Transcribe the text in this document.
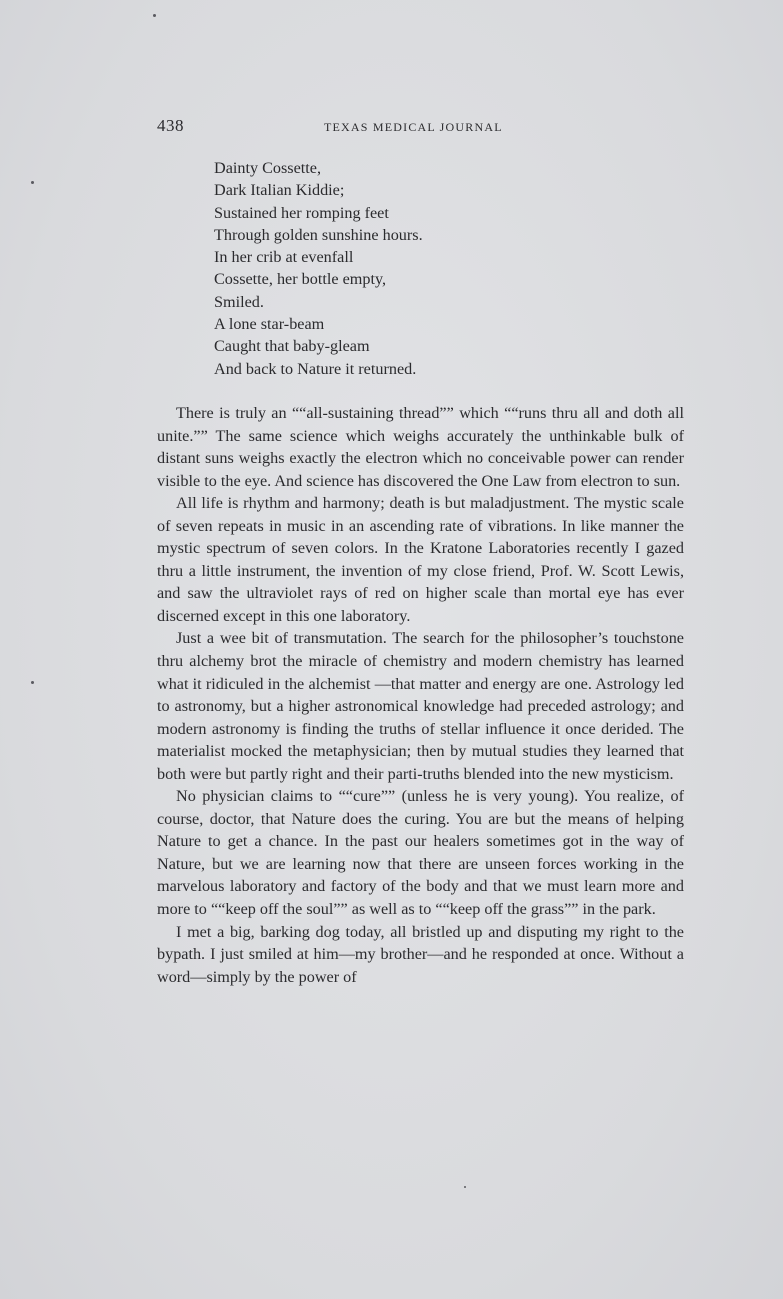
438	TEXAS MEDICAL JOURNAL
Dainty Cossette,
Dark Italian Kiddie;
Sustained her romping feet
Through golden sunshine hours.
In her crib at evenfall
Cossette, her bottle empty,
Smiled.
A lone star-beam
Caught that baby-gleam
And back to Nature it returned.

There is truly an ““all-sustaining thread”” which ““runs thru all and doth all unite.”” The same science which weighs accurately the unthinkable bulk of distant suns weighs exactly the electron which no conceivable power can render visible to the eye. And science has discovered the One Law from electron to sun.

All life is rhythm and harmony; death is but maladjustment. The mystic scale of seven repeats in music in an ascending rate of vibrations. In like manner the mystic spectrum of seven colors. In the Kratone Laboratories recently I gazed thru a little instrument, the invention of my close friend, Prof. W. Scott Lewis, and saw the ultraviolet rays of red on higher scale than mortal eye has ever discerned except in this one laboratory.

Just a wee bit of transmutation. The search for the philosopher’s touchstone thru alchemy brot the miracle of chemistry and modern chemistry has learned what it ridiculed in the alchemist —that matter and energy are one. Astrology led to astronomy, but a higher astronomical knowledge had preceded astrology; and modern astronomy is finding the truths of stellar influence it once derided. The materialist mocked the metaphysician; then by mutual studies they learned that both were but partly right and their parti-truths blended into the new mysticism.

No physician claims to ““cure”” (unless he is very young). You realize, of course, doctor, that Nature does the curing. You are but the means of helping Nature to get a chance. In the past our healers sometimes got in the way of Nature, but we are learning now that there are unseen forces working in the marvelous laboratory and factory of the body and that we must learn more and more to ““keep off the soul”” as well as to ““keep off the grass”” in the park.

I met a big, barking dog today, all bristled up and disputing my right to the bypath. I just smiled at him—my brother—and he responded at once. Without a word—simply by the power of
